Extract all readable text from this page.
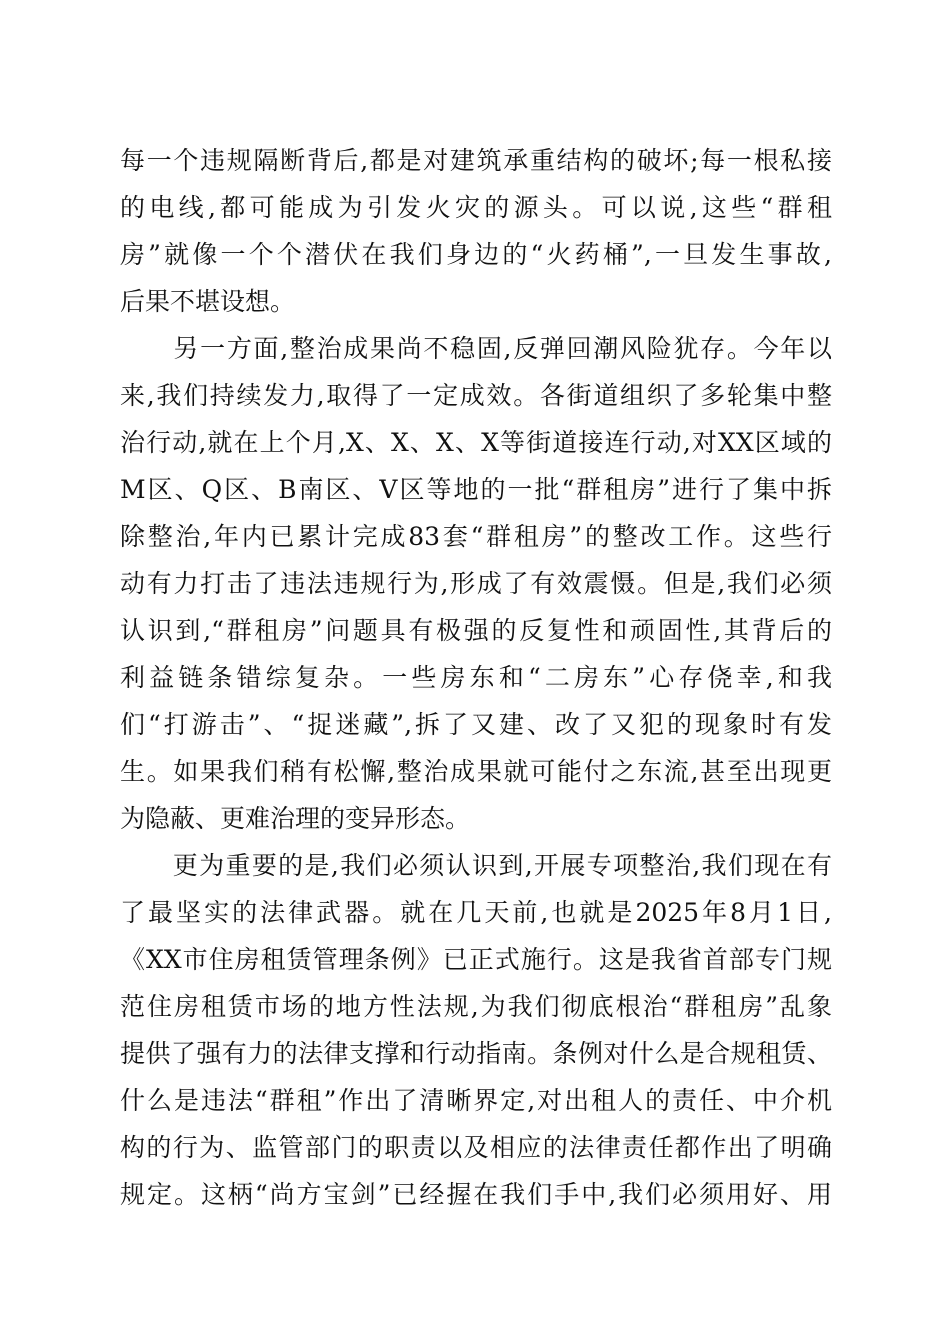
每一个违规隔断背后,都是对建筑承重结构的破坏;每一根私接
的电线,都可能成为引发火灾的源头。可以说,这些“群租
房”就像一个个潜伏在我们身边的“火药桶”,一旦发生事故,
后果不堪设想。
　　另一方面,整治成果尚不稳固,反弹回潮风险犹存。今年以
来,我们持续发力,取得了一定成效。各街道组织了多轮集中整
治行动,就在上个月,X、X、X、X等街道接连行动,对XX区域的
M区、Q区、B南区、V区等地的一批“群租房”进行了集中拆
除整治,年内已累计完成83套“群租房”的整改工作。这些行
动有力打击了违法违规行为,形成了有效震慑。但是,我们必须
认识到,“群租房”问题具有极强的反复性和顽固性,其背后的
利益链条错综复杂。一些房东和“二房东”心存侥幸,和我
们“打游击”、“捉迷藏”,拆了又建、改了又犯的现象时有发
生。如果我们稍有松懈,整治成果就可能付之东流,甚至出现更
为隐蔽、更难治理的变异形态。
　　更为重要的是,我们必须认识到,开展专项整治,我们现在有
了最坚实的法律武器。就在几天前,也就是2025年8月1日,
《XX市住房租赁管理条例》已正式施行。这是我省首部专门规
范住房租赁市场的地方性法规,为我们彻底根治“群租房”乱象
提供了强有力的法律支撑和行动指南。条例对什么是合规租赁、
什么是违法“群租”作出了清晰界定,对出租人的责任、中介机
构的行为、监管部门的职责以及相应的法律责任都作出了明确
规定。这柄“尚方宝剑”已经握在我们手中,我们必须用好、用
